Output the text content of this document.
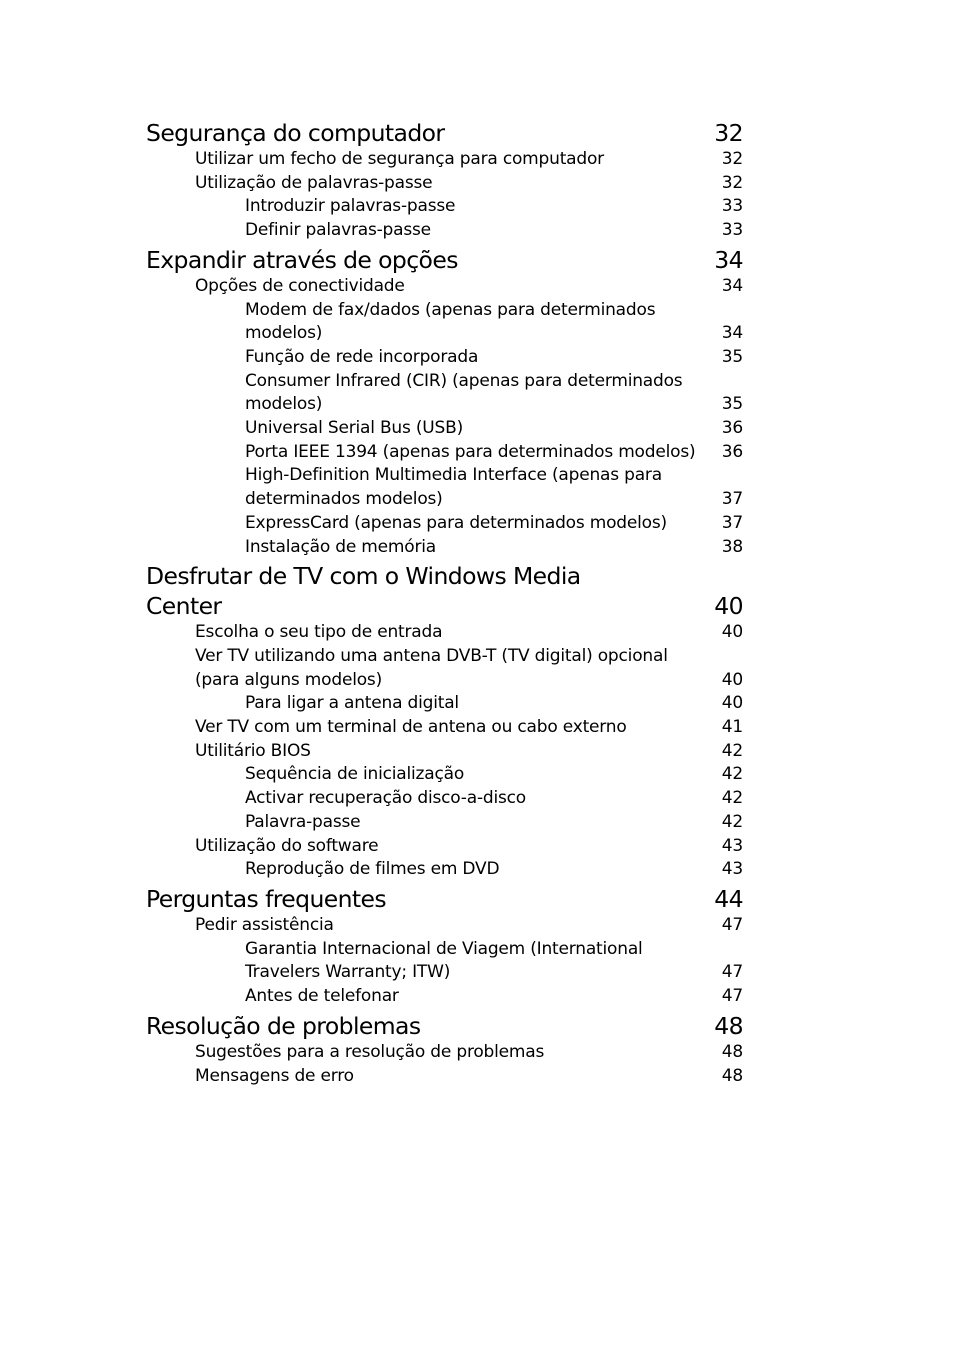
Segurança do computador	32
Utilizar um fecho de segurança para computador	32
Utilização de palavras-passe	32
Introduzir palavras-passe	33
Definir palavras-passe	33
Expandir através de opções	34
Opções de conectividade	34
Modem de fax/dados (apenas para determinados modelos)	34
Função de rede incorporada	35
Consumer Infrared (CIR) (apenas para determinados modelos)	35
Universal Serial Bus (USB)	36
Porta IEEE 1394 (apenas para determinados modelos)	36
High-Definition Multimedia Interface (apenas para determinados modelos)	37
ExpressCard (apenas para determinados modelos)	37
Instalação de memória	38
Desfrutar de TV com o Windows Media Center	40
Escolha o seu tipo de entrada	40
Ver TV utilizando uma antena DVB-T (TV digital) opcional (para alguns modelos)	40
Para ligar a antena digital	40
Ver TV com um terminal de antena ou cabo externo	41
Utilitário BIOS	42
Sequência de inicialização	42
Activar recuperação disco-a-disco	42
Palavra-passe	42
Utilização do software	43
Reprodução de filmes em DVD	43
Perguntas frequentes	44
Pedir assistência	47
Garantia Internacional de Viagem (International Travelers Warranty; ITW)	47
Antes de telefonar	47
Resolução de problemas	48
Sugestões para a resolução de problemas	48
Mensagens de erro	48
